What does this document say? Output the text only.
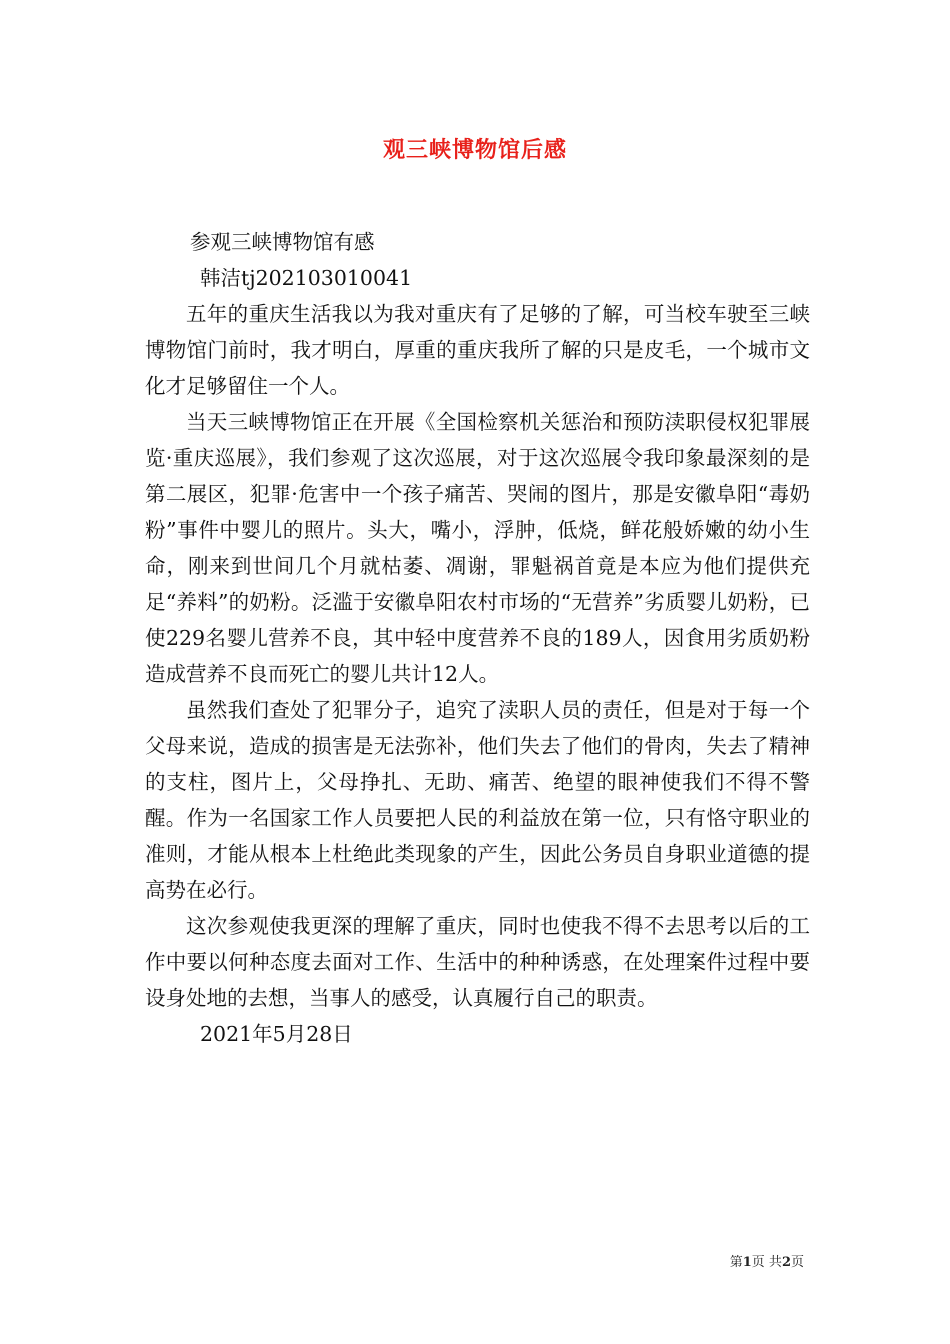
观三峡博物馆后感

参观三峡博物馆有感

韩洁tj202103010041

五年的重庆生活我以为我对重庆有了足够的了解，可当校车驶至三峡博物馆门前时，我才明白，厚重的重庆我所了解的只是皮毛，一个城市文化才足够留住一个人。

当天三峡博物馆正在开展《全国检察机关惩治和预防渎职侵权犯罪展览·重庆巡展》，我们参观了这次巡展，对于这次巡展令我印象最深刻的是第二展区，犯罪·危害中一个孩子痛苦、哭闹的图片，那是安徽阜阳“毒奶粉”事件中婴儿的照片。头大，嘴小，浮肿，低烧，鲜花般娇嫩的幼小生命，刚来到世间几个月就枯萎、凋谢，罪魁祸首竟是本应为他们提供充足“养料”的奶粉。泛滥于安徽阜阳农村市场的“无营养”劣质婴儿奶粉，已使229名婴儿营养不良，其中轻中度营养不良的189人，因食用劣质奶粉造成营养不良而死亡的婴儿共计12人。

虽然我们查处了犯罪分子，追究了渎职人员的责任，但是对于每一个父母来说，造成的损害是无法弥补，他们失去了他们的骨肉，失去了精神的支柱，图片上，父母挣扎、无助、痛苦、绝望的眼神使我们不得不警醒。作为一名国家工作人员要把人民的利益放在第一位，只有恪守职业的准则，才能从根本上杜绝此类现象的产生，因此公务员自身职业道德的提高势在必行。

这次参观使我更深的理解了重庆，同时也使我不得不去思考以后的工作中要以何种态度去面对工作、生活中的种种诱惑，在处理案件过程中要设身处地的去想，当事人的感受，认真履行自己的职责。

2021年5月28日

第1页 共2页
